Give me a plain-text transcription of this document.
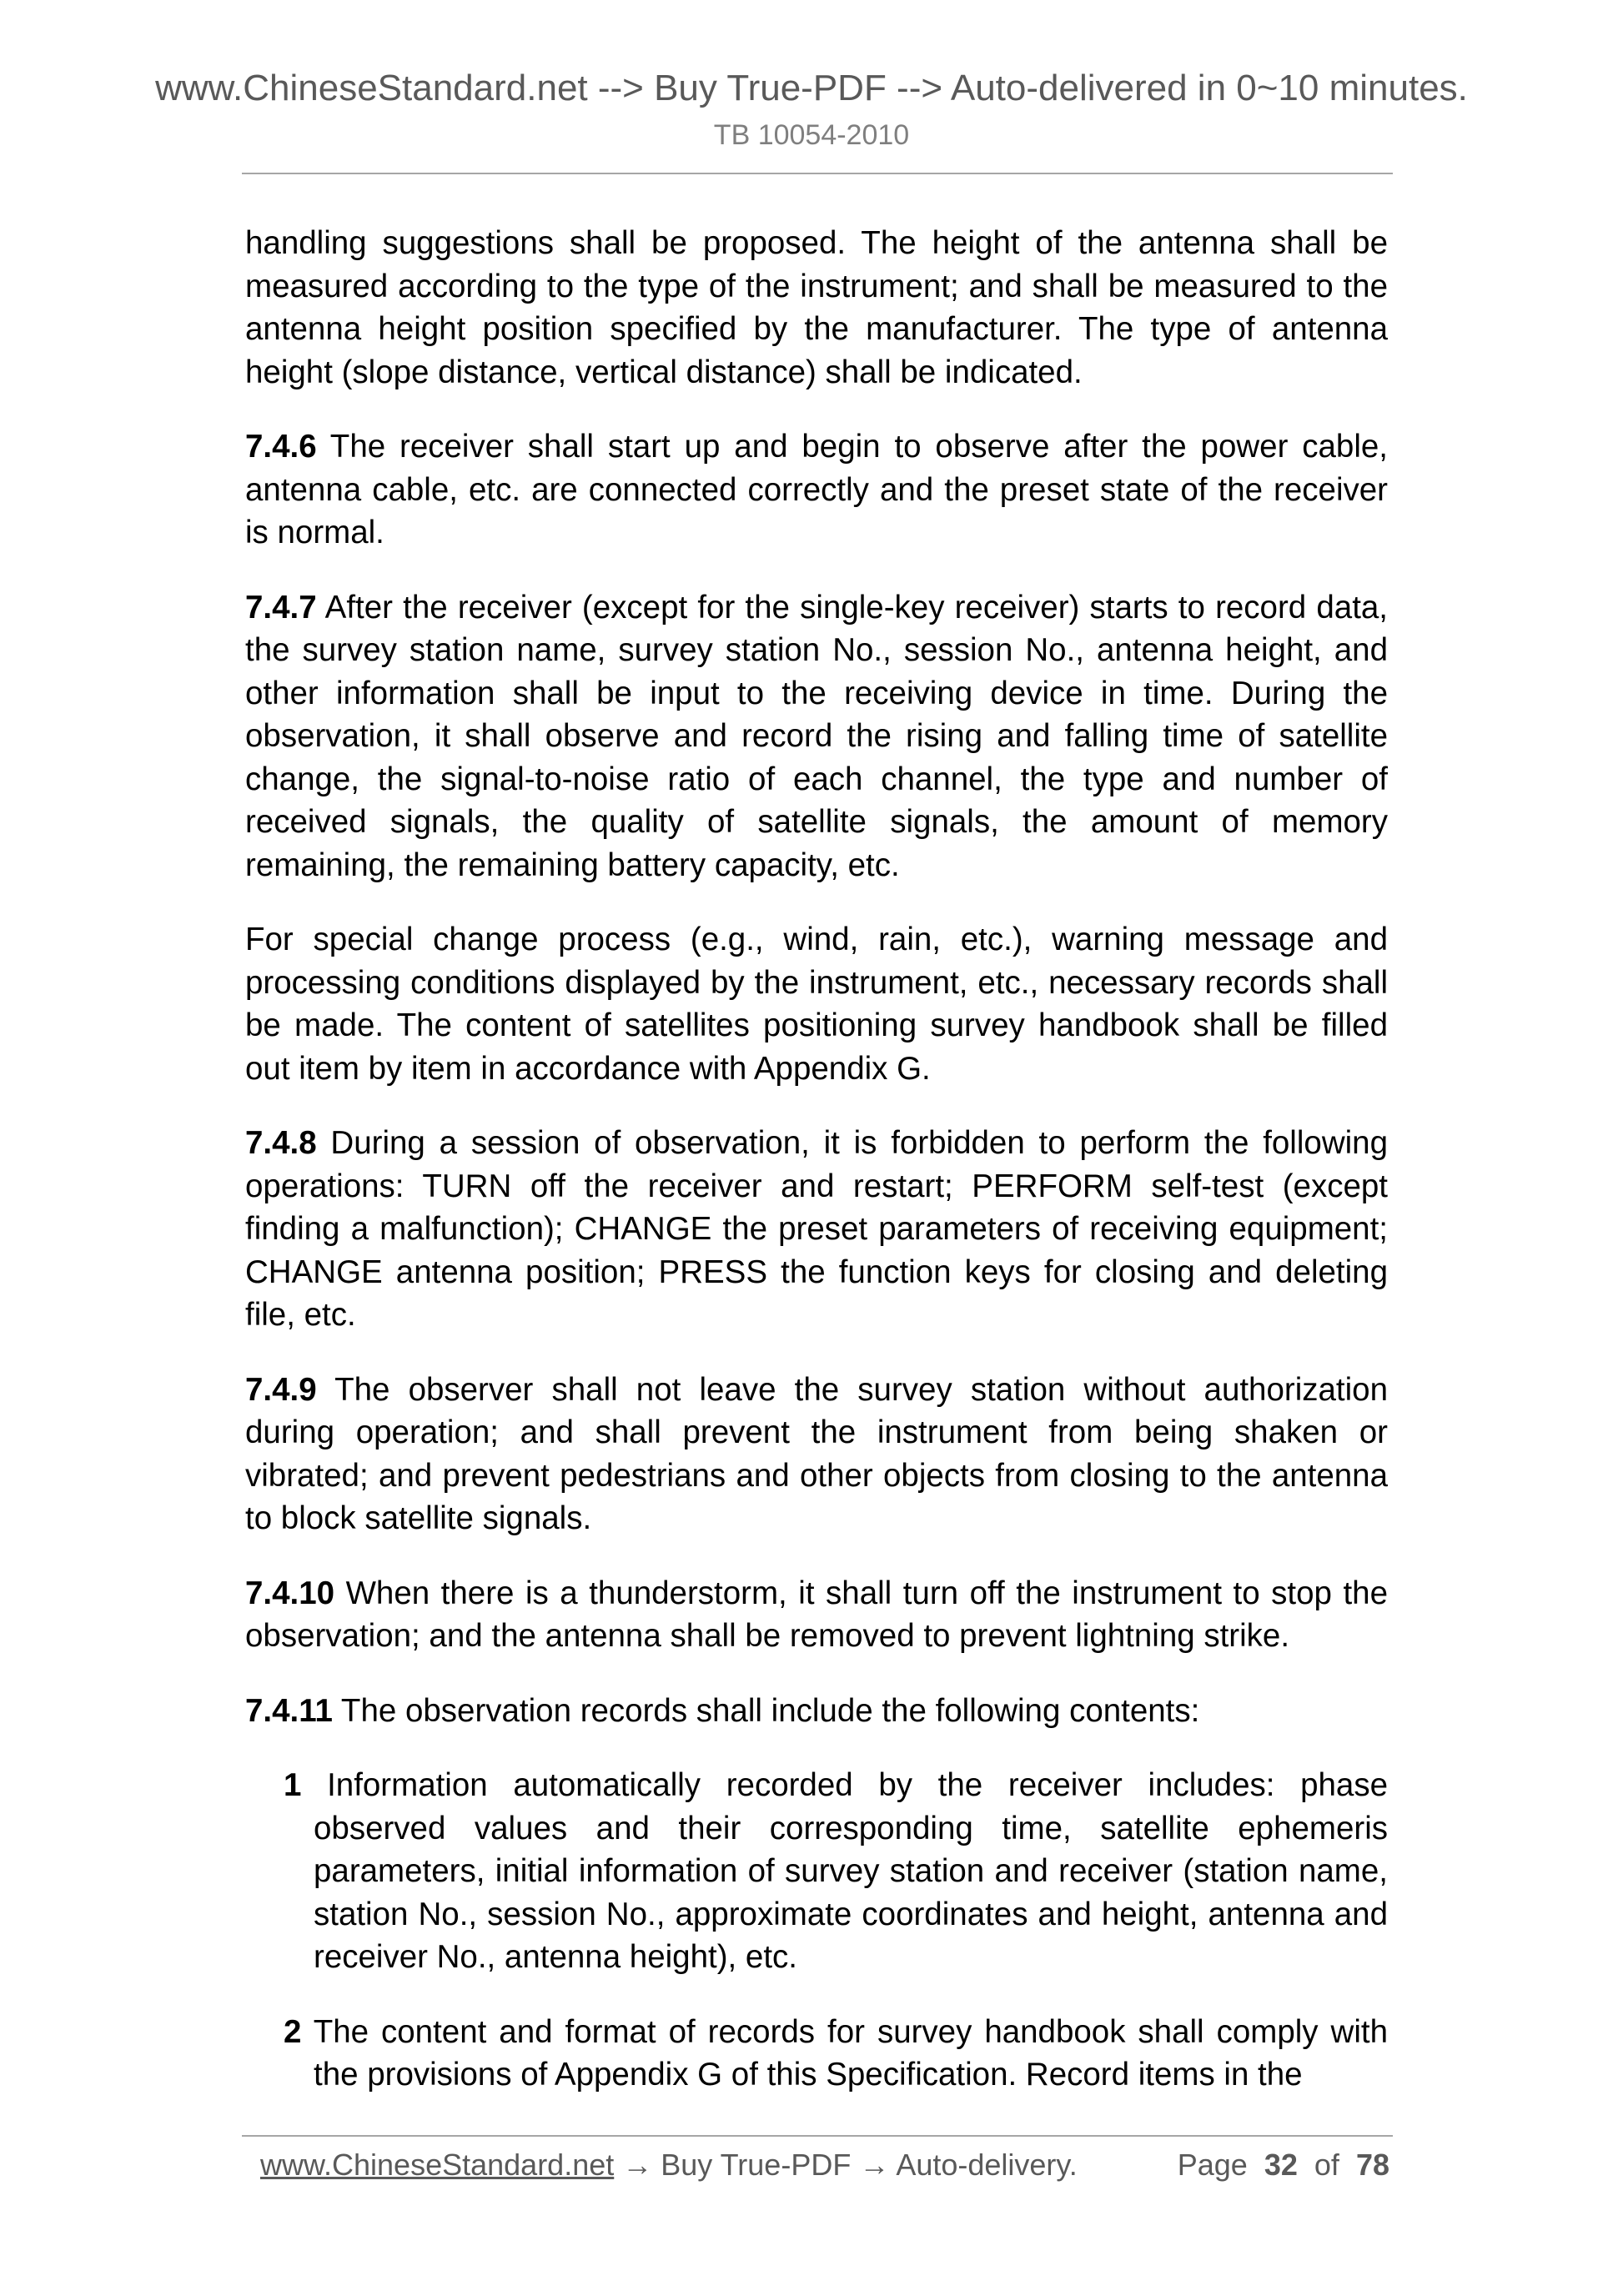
www.ChineseStandard.net --> Buy True-PDF --> Auto-delivered in 0~10 minutes.
TB 10054-2010

handling suggestions shall be proposed. The height of the antenna shall be measured according to the type of the instrument; and shall be measured to the antenna height position specified by the manufacturer. The type of antenna height (slope distance, vertical distance) shall be indicated.

7.4.6 The receiver shall start up and begin to observe after the power cable, antenna cable, etc. are connected correctly and the preset state of the receiver is normal.

7.4.7 After the receiver (except for the single-key receiver) starts to record data, the survey station name, survey station No., session No., antenna height, and other information shall be input to the receiving device in time. During the observation, it shall observe and record the rising and falling time of satellite change, the signal-to-noise ratio of each channel, the type and number of received signals, the quality of satellite signals, the amount of memory remaining, the remaining battery capacity, etc.

For special change process (e.g., wind, rain, etc.), warning message and processing conditions displayed by the instrument, etc., necessary records shall be made. The content of satellites positioning survey handbook shall be filled out item by item in accordance with Appendix G.

7.4.8 During a session of observation, it is forbidden to perform the following operations: TURN off the receiver and restart; PERFORM self-test (except finding a malfunction); CHANGE the preset parameters of receiving equipment; CHANGE antenna position; PRESS the function keys for closing and deleting file, etc.

7.4.9 The observer shall not leave the survey station without authorization during operation; and shall prevent the instrument from being shaken or vibrated; and prevent pedestrians and other objects from closing to the antenna to block satellite signals.

7.4.10 When there is a thunderstorm, it shall turn off the instrument to stop the observation; and the antenna shall be removed to prevent lightning strike.

7.4.11 The observation records shall include the following contents:

1 Information automatically recorded by the receiver includes: phase observed values and their corresponding time, satellite ephemeris parameters, initial information of survey station and receiver (station name, station No., session No., approximate coordinates and height, antenna and receiver No., antenna height), etc.

2 The content and format of records for survey handbook shall comply with the provisions of Appendix G of this Specification. Record items in the

www.ChineseStandard.net → Buy True-PDF → Auto-delivery.	Page 32 of 78
